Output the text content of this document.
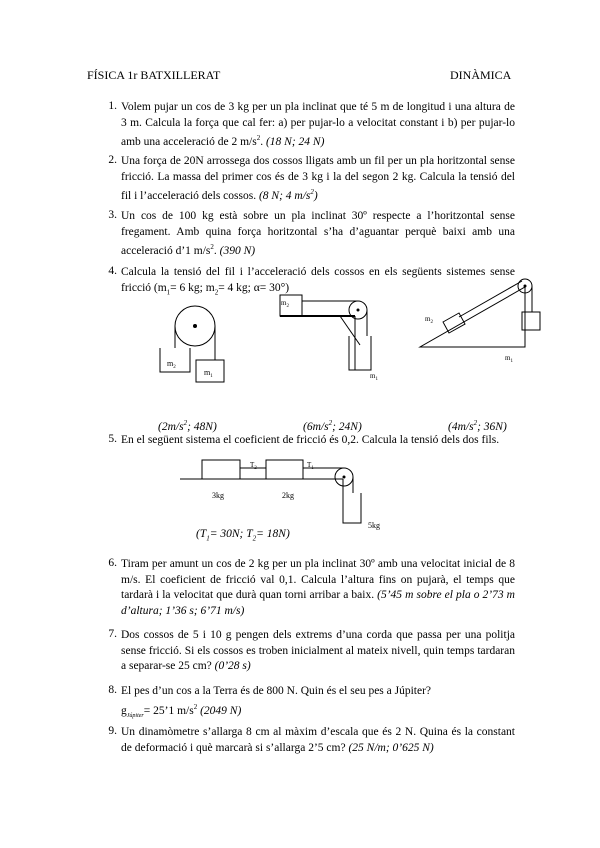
FÍSICA 1r BATXILLERAT	DINÀMICA
1. Volem pujar un cos de 3 kg per un pla inclinat que té 5 m de longitud i una altura de 3 m. Calcula la força que cal fer: a) per pujar-lo a velocitat constant i b) per pujar-lo amb una acceleració de 2 $m/s^2$. (18 N; 24 N)
2. Una força de 20N arrossega dos cossos lligats amb un fil per un pla horitzontal sense fricció. La massa del primer cos és de 3 kg i la del segon 2 kg. Calcula la tensió del fil i l’acceleració dels cossos. (8 N; 4 $m/s^2$)
3. Un cos de 100 kg està sobre un pla inclinat 30º respecte a l’horitzontal sense fregament. Amb quina força horitzontal s’ha d’aguantar perquè baixi amb una acceleració d’1 $m/s^2$. (390 N)
4. Calcula la tensió del fil i l’acceleració dels cossos en els següents sistemes sense fricció ($m_1= 6$ kg; $m_2= 4$ kg; α= 30°)
$m_2$
$m_1$
$m_2$
$m_1$
$m_2$
$m_1$
($2m/s^2$; 48N)	($6m/s^2$; 24N)	($4m/s^2$; 36N)
5. En el següent sistema el coeficient de fricció és 0,2. Calcula la tensió dels dos fils.
$T_2$	$T_1$
3kg	2kg
5kg
($T_1= 30N$; $T_2= 18N$)
6. Tiram per amunt un cos de 2 kg per un pla inclinat 30º amb una velocitat inicial de 8 m/s. El coeficient de fricció val 0,1. Calcula l’altura fins on pujarà, el temps que tardarà i la velocitat que durà quan torni arribar a baix. (5’45 m sobre el pla o 2’73 m d’altura; 1’36 s; 6’71 m/s)
7. Dos cossos de 5 i 10 g pengen dels extrems d’una corda que passa per una politja sense fricció. Si els cossos es troben inicialment al mateix nivell, quin temps tardaran a separar-se 25 cm? (0’28 s)
8. El pes d’un cos a la Terra és de 800 N. Quin és el seu pes a Júpiter?
$g_{Júpiter}=$ 25’1 $m/s^2$ (2049 N)
9. Un dinamòmetre s’allarga 8 cm al màxim d’escala que és 2 N. Quina és la constant de deformació i què marcarà si s’allarga 2’5 cm? (25 N/m; 0’625 N)
